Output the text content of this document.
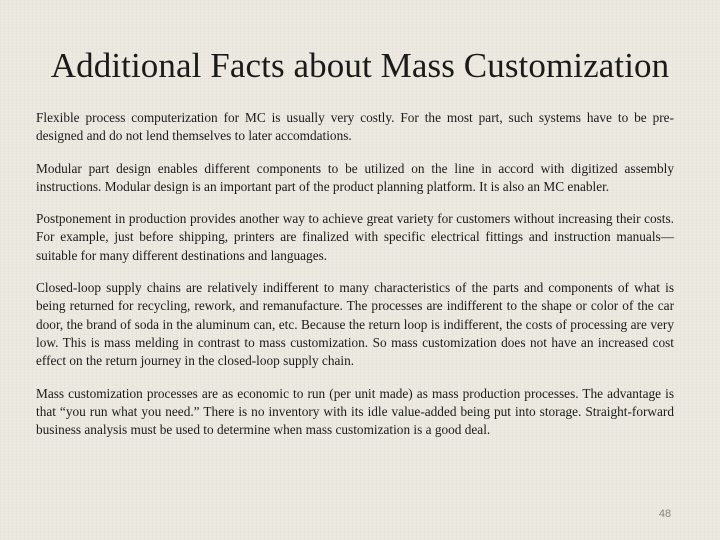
Additional Facts about Mass Customization

Flexible process computerization for MC is usually very costly. For the most part, such systems have to be pre-designed and do not lend themselves to later accomdations.

Modular part design enables different components to be utilized on the line in accord with digitized assembly instructions. Modular design is an important part of the product planning platform. It is also an MC enabler.

Postponement in production provides another way to achieve great variety for customers without increasing their costs. For example, just before shipping, printers are finalized with specific electrical fittings and instruction manuals—suitable for many different destinations and languages.

Closed-loop supply chains are relatively indifferent to many characteristics of the parts and components of what is being returned for recycling, rework, and remanufacture. The processes are indifferent to the shape or color of the car door, the brand of soda in the aluminum can, etc. Because the return loop is indifferent, the costs of processing are very low. This is mass melding in contrast to mass customization. So mass customization does not have an increased cost effect on the return journey in the closed-loop supply chain.

Mass customization processes are as economic to run (per unit made) as mass production processes. The advantage is that “you run what you need.” There is no inventory with its idle value-added being put into storage. Straight-forward business analysis must be used to determine when mass customization is a good deal.

48
